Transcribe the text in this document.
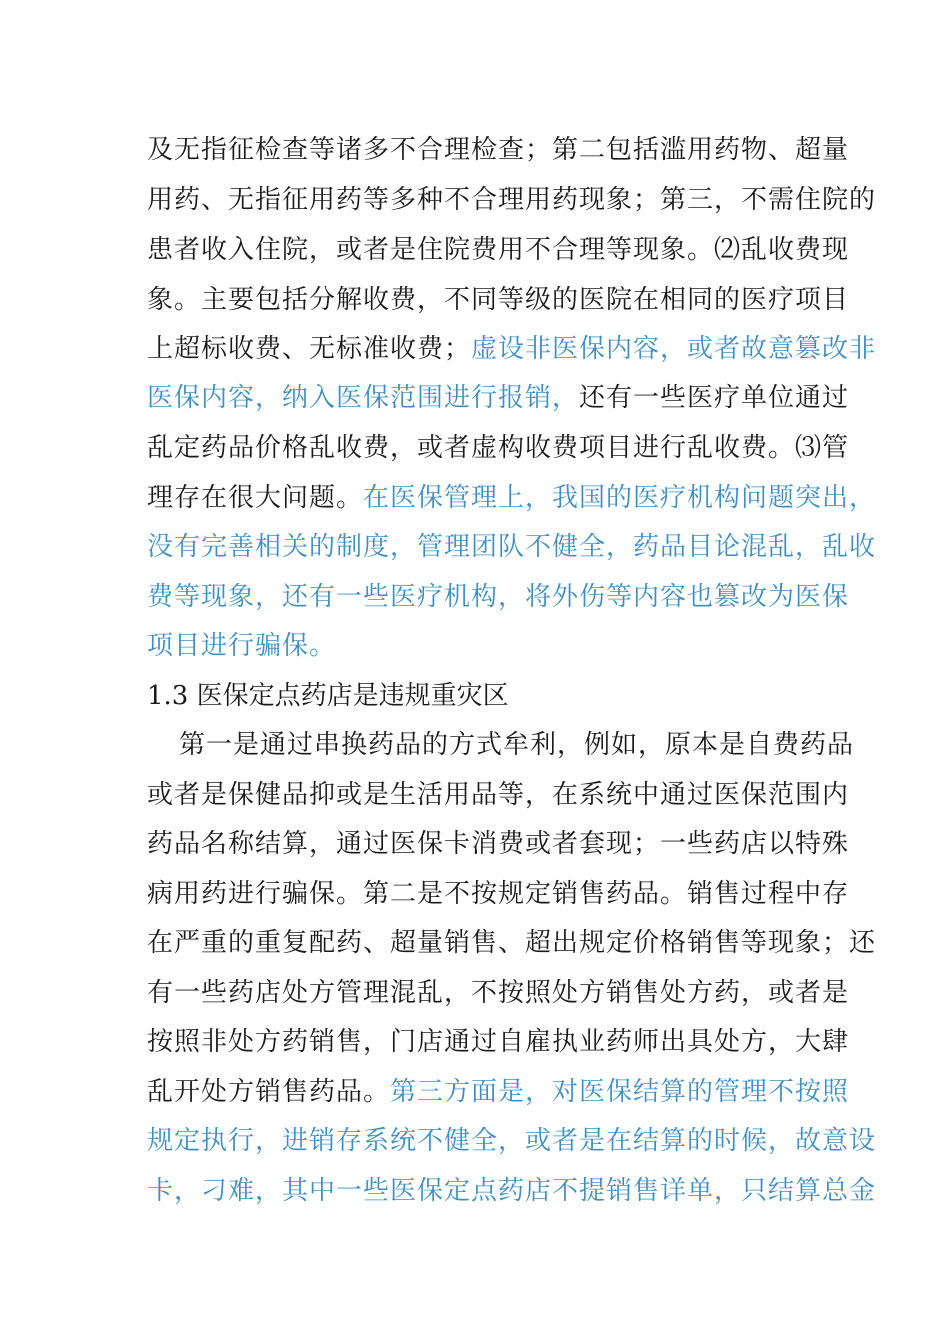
及无指征检查等诸多不合理检查；第二包括滥用药物、超量
用药、无指征用药等多种不合理用药现象；第三，不需住院的
患者收入住院，或者是住院费用不合理等现象。⑵乱收费现
象。主要包括分解收费，不同等级的医院在相同的医疗项目
上超标收费、无标准收费；虚设非医保内容，或者故意篡改非
医保内容，纳入医保范围进行报销，还有一些医疗单位通过
乱定药品价格乱收费，或者虚构收费项目进行乱收费。⑶管
理存在很大问题。在医保管理上，我国的医疗机构问题突出，
没有完善相关的制度，管理团队不健全，药品目论混乱，乱收
费等现象，还有一些医疗机构，将外伤等内容也篡改为医保
项目进行骗保。
1.3 医保定点药店是违规重灾区
第一是通过串换药品的方式牟利，例如，原本是自费药品
或者是保健品抑或是生活用品等，在系统中通过医保范围内
药品名称结算，通过医保卡消费或者套现；一些药店以特殊
病用药进行骗保。第二是不按规定销售药品。销售过程中存
在严重的重复配药、超量销售、超出规定价格销售等现象；还
有一些药店处方管理混乱，不按照处方销售处方药，或者是
按照非处方药销售，门店通过自雇执业药师出具处方，大肆
乱开处方销售药品。第三方面是，对医保结算的管理不按照
规定执行，进销存系统不健全，或者是在结算的时候，故意设
卡，刁难，其中一些医保定点药店不提销售详单，只结算总金
